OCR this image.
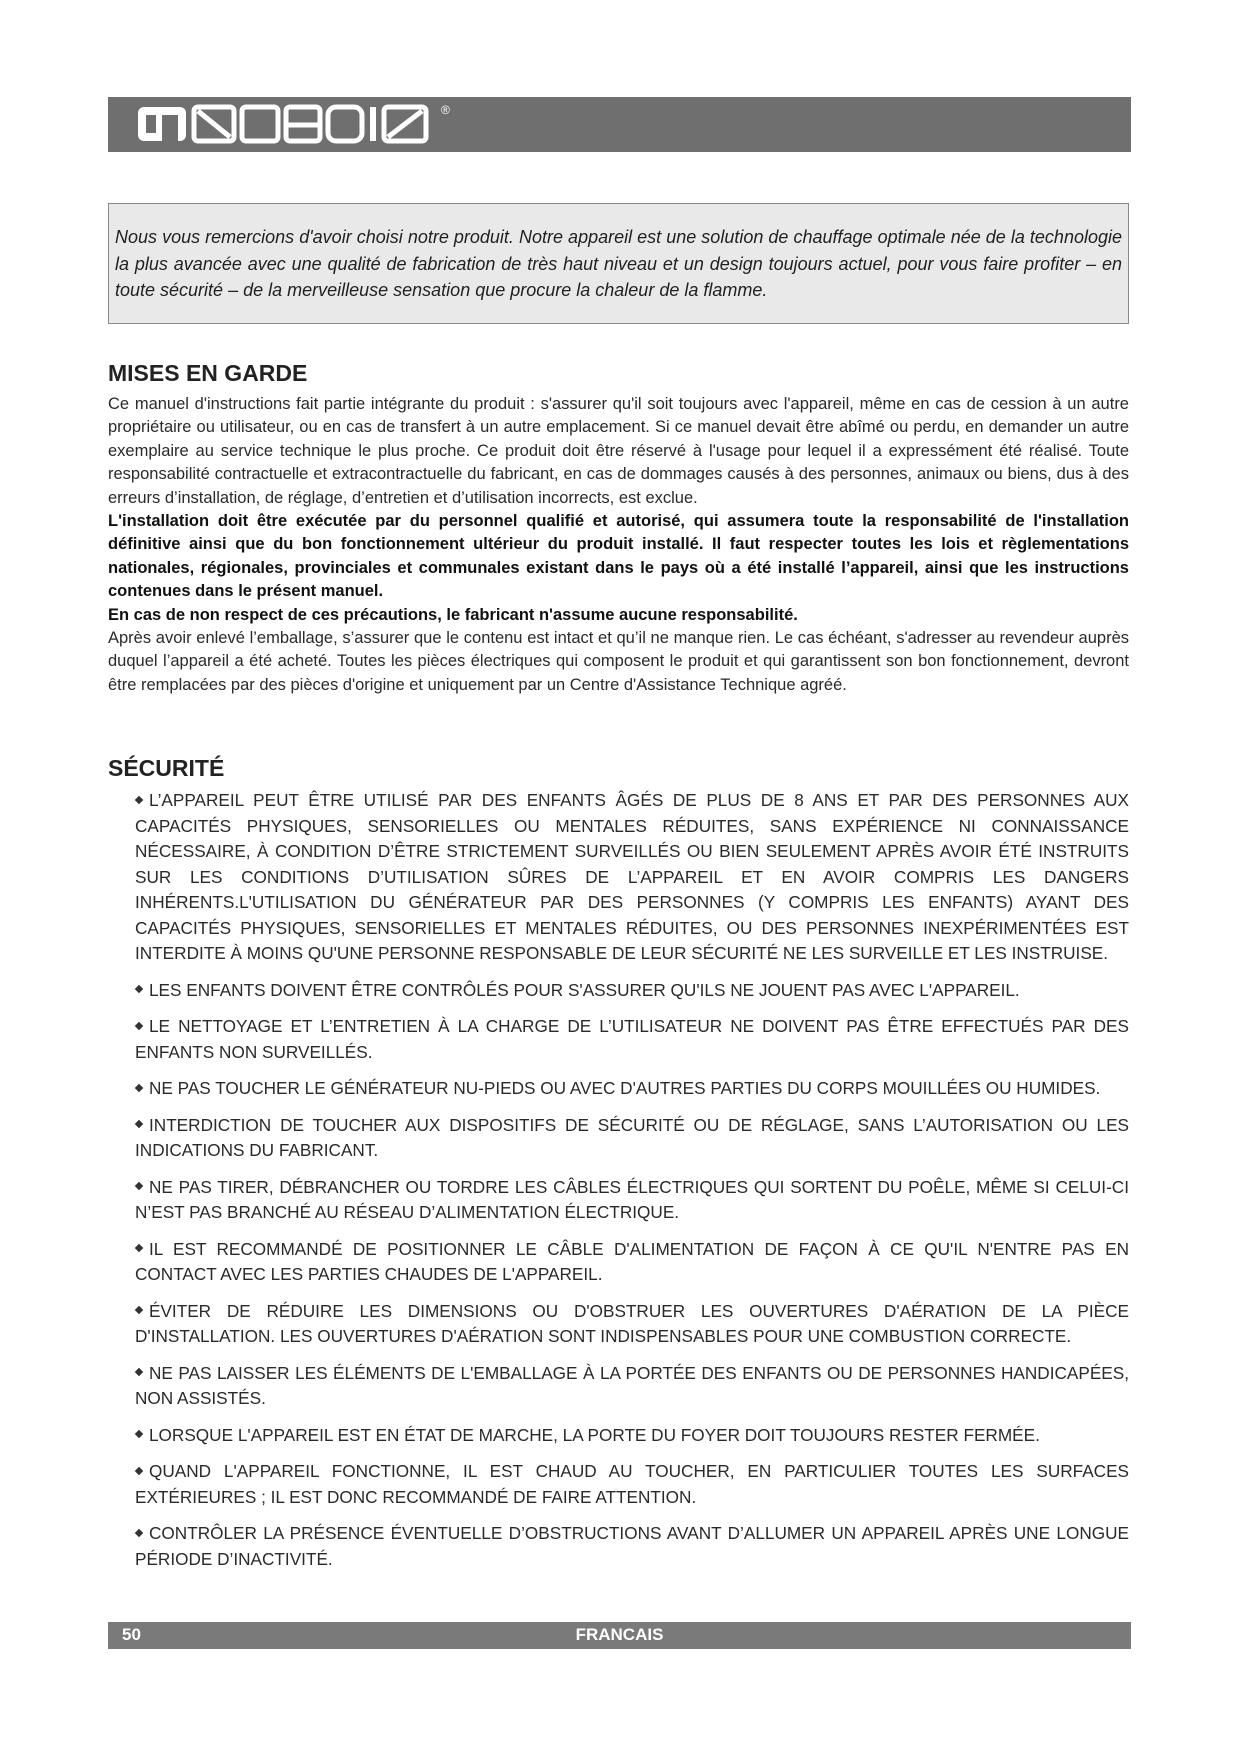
®
Nous vous remercions d'avoir choisi notre produit. Notre appareil est une solution de chauffage optimale née de la technologie la plus avancée avec une qualité de fabrication de très haut niveau et un design toujours actuel, pour vous faire profiter – en toute sécurité – de la merveilleuse sensation que procure la chaleur de la flamme.
MISES EN GARDE

Ce manuel d'instructions fait partie intégrante du produit : s'assurer qu'il soit toujours avec l'appareil, même en cas de cession à un autre propriétaire ou utilisateur, ou en cas de transfert à un autre emplacement. Si ce manuel devait être abîmé ou perdu, en demander un autre exemplaire au service technique le plus proche. Ce produit doit être réservé à l'usage pour lequel il a expressément été réalisé. Toute responsabilité contractuelle et extracontractuelle du fabricant, en cas de dommages causés à des personnes, animaux ou biens, dus à des erreurs d’installation, de réglage, d’entretien et d’utilisation incorrects, est exclue.

L'installation doit être exécutée par du personnel qualifié et autorisé, qui assumera toute la responsabilité de l'installation définitive ainsi que du bon fonctionnement ultérieur du produit installé. Il faut respecter toutes les lois et règlementations nationales, régionales, provinciales et communales existant dans le pays où a été installé l’appareil, ainsi que les instructions contenues dans le présent manuel.

En cas de non respect de ces précautions, le fabricant n'assume aucune responsabilité.

Après avoir enlevé l’emballage, s’assurer que le contenu est intact et qu’il ne manque rien. Le cas échéant, s'adresser au revendeur auprès duquel l’appareil a été acheté. Toutes les pièces électriques qui composent le produit et qui garantissent son bon fonctionnement, devront être remplacées par des pièces d'origine et uniquement par un Centre d'Assistance Technique agréé.

SÉCURITÉ

L’APPAREIL PEUT ÊTRE UTILISÉ PAR DES ENFANTS ÂGÉS DE PLUS DE 8 ANS ET PAR DES PERSONNES AUX CAPACITÉS PHYSIQUES, SENSORIELLES OU MENTALES RÉDUITES, SANS EXPÉRIENCE NI CONNAISSANCE NÉCESSAIRE, À CONDITION D’ÊTRE STRICTEMENT SURVEILLÉS OU BIEN SEULEMENT APRÈS AVOIR ÉTÉ INSTRUITS SUR LES CONDITIONS D’UTILISATION SÛRES DE L’APPAREIL ET EN AVOIR COMPRIS LES DANGERS INHÉRENTS.L'UTILISATION DU GÉNÉRATEUR PAR DES PERSONNES (Y COMPRIS LES ENFANTS) AYANT DES CAPACITÉS PHYSIQUES, SENSORIELLES ET MENTALES RÉDUITES, OU DES PERSONNES INEXPÉRIMENTÉES EST INTERDITE À MOINS QU'UNE PERSONNE RESPONSABLE DE LEUR SÉCURITÉ NE LES SURVEILLE ET LES INSTRUISE.

LES ENFANTS DOIVENT ÊTRE CONTRÔLÉS POUR S'ASSURER QU'ILS NE JOUENT PAS AVEC L'APPAREIL.

LE NETTOYAGE ET L’ENTRETIEN À LA CHARGE DE L’UTILISATEUR NE DOIVENT PAS ÊTRE EFFECTUÉS PAR DES ENFANTS NON SURVEILLÉS.

NE PAS TOUCHER LE GÉNÉRATEUR NU-PIEDS OU AVEC D'AUTRES PARTIES DU CORPS MOUILLÉES OU HUMIDES.

INTERDICTION DE TOUCHER AUX DISPOSITIFS DE SÉCURITÉ OU DE RÉGLAGE, SANS L’AUTORISATION OU LES INDICATIONS DU FABRICANT.

NE PAS TIRER, DÉBRANCHER OU TORDRE LES CÂBLES ÉLECTRIQUES QUI SORTENT DU POÊLE, MÊME SI CELUI-CI N’EST PAS BRANCHÉ AU RÉSEAU D’ALIMENTATION ÉLECTRIQUE.

IL EST RECOMMANDÉ DE POSITIONNER LE CÂBLE D'ALIMENTATION DE FAÇON À CE QU'IL N'ENTRE PAS EN CONTACT AVEC LES PARTIES CHAUDES DE L'APPAREIL.

ÉVITER DE RÉDUIRE LES DIMENSIONS OU D'OBSTRUER LES OUVERTURES D'AÉRATION DE LA PIÈCE D'INSTALLATION. LES OUVERTURES D'AÉRATION SONT INDISPENSABLES POUR UNE COMBUSTION CORRECTE.

NE PAS LAISSER LES ÉLÉMENTS DE L'EMBALLAGE À LA PORTÉE DES ENFANTS OU DE PERSONNES HANDICAPÉES, NON ASSISTÉS.

LORSQUE L'APPAREIL EST EN ÉTAT DE MARCHE, LA PORTE DU FOYER DOIT TOUJOURS RESTER FERMÉE.

QUAND L'APPAREIL FONCTIONNE, IL EST CHAUD AU TOUCHER, EN PARTICULIER TOUTES LES SURFACES EXTÉRIEURES ; IL EST DONC RECOMMANDÉ DE FAIRE ATTENTION.

CONTRÔLER LA PRÉSENCE ÉVENTUELLE D’OBSTRUCTIONS AVANT D’ALLUMER UN APPAREIL APRÈS UNE LONGUE PÉRIODE D’INACTIVITÉ.

50	FRANCAIS
